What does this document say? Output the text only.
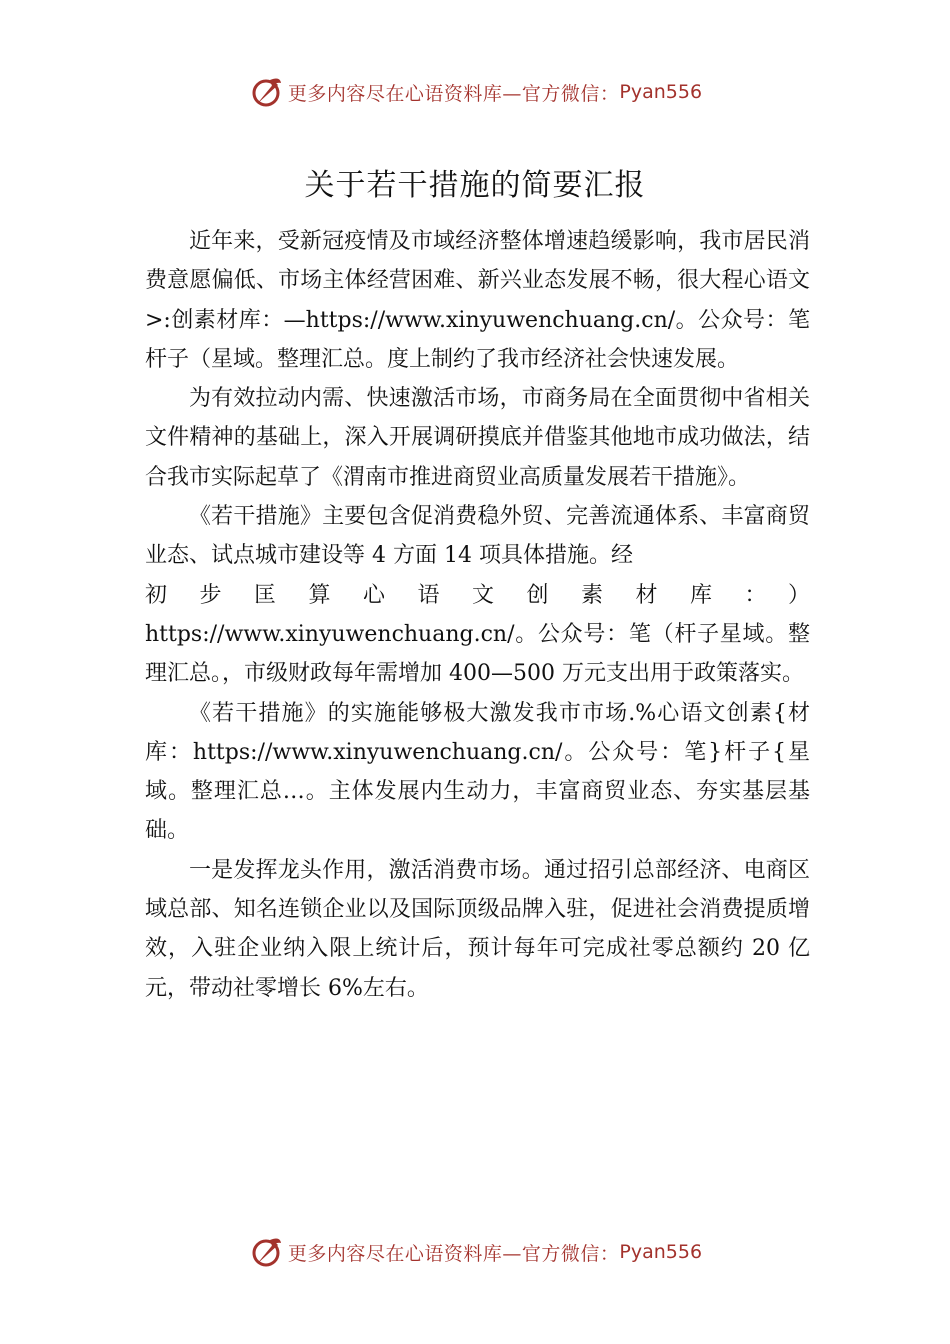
更多内容尽在心语资料库—官方微信： Pyan556
关于若干措施的简要汇报

近年来，受新冠疫情及市域经济整体增速趋缓影响，我市居民消费意愿偏低、市场主体经营困难、新兴业态发展不畅，很大程心语文>:创素材库：—https://www.xinyuwenchuang.cn/。公众号：笔杆子（星域。整理汇总。度上制约了我市经济社会快速发展。

为有效拉动内需、快速激活市场，市商务局在全面贯彻中省相关文件精神的基础上，深入开展调研摸底并借鉴其他地市成功做法，结合我市实际起草了《渭南市推进商贸业高质量发展若干措施》。

《若干措施》主要包含促消费稳外贸、完善流通体系、丰富商贸业态、试点城市建设等 4 方面 14 项具体措施。经

初步匡算心语文创素材库：）https://www.xinyuwenchuang.cn/。公众号：笔（杆子星域。整理汇总。，市级财政每年需增加 400—500 万元支出用于政策落实。

《若干措施》的实施能够极大激发我市市场.%心语文创素{材库：https://www.xinyuwenchuang.cn/。公众号：笔}杆子{星域。整理汇总…。主体发展内生动力，丰富商贸业态、夯实基层基础。

一是发挥龙头作用，激活消费市场。通过招引总部经济、电商区域总部、知名连锁企业以及国际顶级品牌入驻，促进社会消费提质增效，入驻企业纳入限上统计后，预计每年可完成社零总额约 20 亿元，带动社零增长 6%左右。

更多内容尽在心语资料库—官方微信： Pyan556
